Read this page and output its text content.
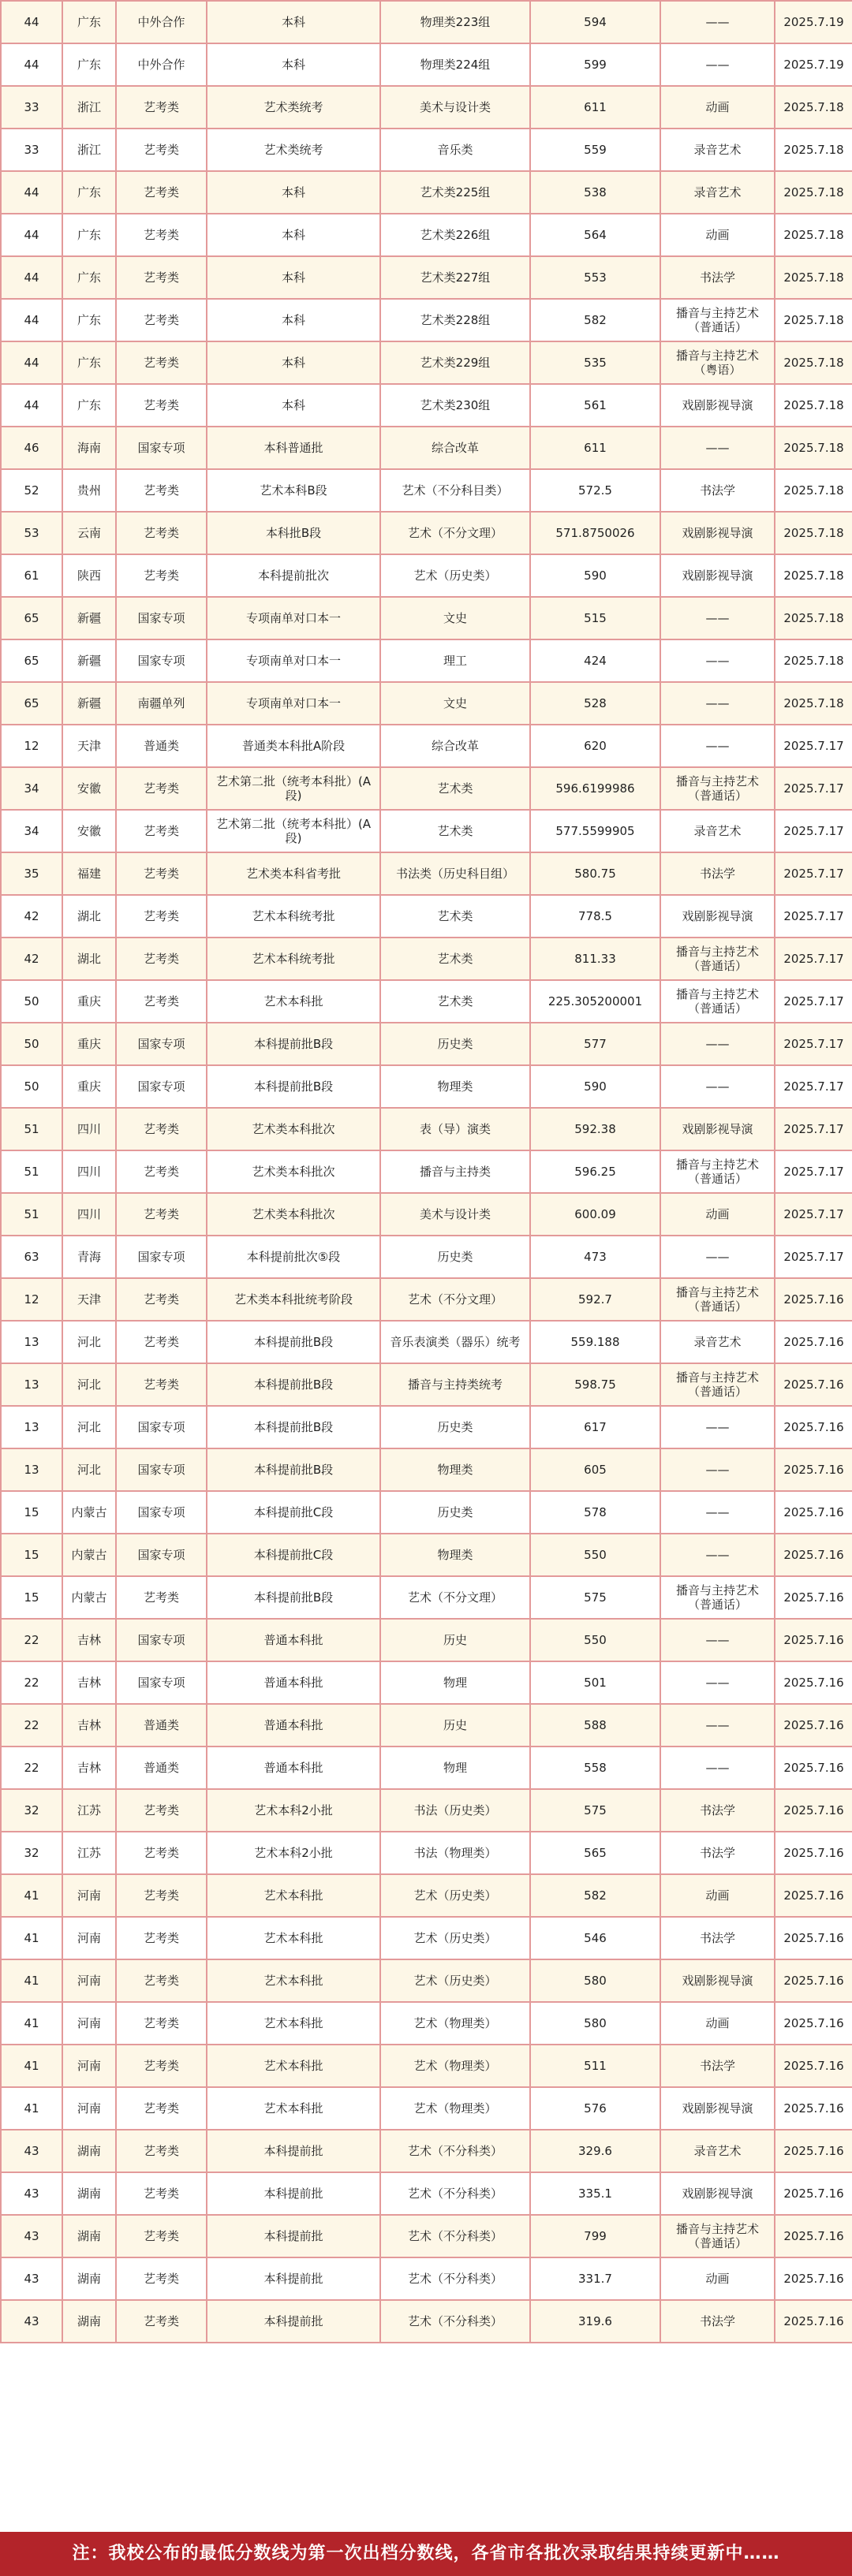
44	广东	中外合作	本科	物理类223组	594	——	2025.7.19
44	广东	中外合作	本科	物理类224组	599	——	2025.7.19
33	浙江	艺考类	艺术类统考	美术与设计类	611	动画	2025.7.18
33	浙江	艺考类	艺术类统考	音乐类	559	录音艺术	2025.7.18
44	广东	艺考类	本科	艺术类225组	538	录音艺术	2025.7.18
44	广东	艺考类	本科	艺术类226组	564	动画	2025.7.18
44	广东	艺考类	本科	艺术类227组	553	书法学	2025.7.18
44	广东	艺考类	本科	艺术类228组	582	播音与主持艺术
（普通话）	2025.7.18
44	广东	艺考类	本科	艺术类229组	535	播音与主持艺术
（粤语）	2025.7.18
44	广东	艺考类	本科	艺术类230组	561	戏剧影视导演	2025.7.18
46	海南	国家专项	本科普通批	综合改革	611	——	2025.7.18
52	贵州	艺考类	艺术本科B段	艺术（不分科目类）	572.5	书法学	2025.7.18
53	云南	艺考类	本科批B段	艺术（不分文理）	571.8750026	戏剧影视导演	2025.7.18
61	陕西	艺考类	本科提前批次	艺术（历史类）	590	戏剧影视导演	2025.7.18
65	新疆	国家专项	专项南单对口本一	文史	515	——	2025.7.18
65	新疆	国家专项	专项南单对口本一	理工	424	——	2025.7.18
65	新疆	南疆单列	专项南单对口本一	文史	528	——	2025.7.18
12	天津	普通类	普通类本科批A阶段	综合改革	620	——	2025.7.17
34	安徽	艺考类	艺术第二批（统考本科批）(A段)	艺术类	596.6199986	播音与主持艺术
（普通话）	2025.7.17
34	安徽	艺考类	艺术第二批（统考本科批）(A段)	艺术类	577.5599905	录音艺术	2025.7.17
35	福建	艺考类	艺术类本科省考批	书法类（历史科目组）	580.75	书法学	2025.7.17
42	湖北	艺考类	艺术本科统考批	艺术类	778.5	戏剧影视导演	2025.7.17
42	湖北	艺考类	艺术本科统考批	艺术类	811.33	播音与主持艺术
（普通话）	2025.7.17
50	重庆	艺考类	艺术本科批	艺术类	225.305200001	播音与主持艺术
（普通话）	2025.7.17
50	重庆	国家专项	本科提前批B段	历史类	577	——	2025.7.17
50	重庆	国家专项	本科提前批B段	物理类	590	——	2025.7.17
51	四川	艺考类	艺术类本科批次	表（导）演类	592.38	戏剧影视导演	2025.7.17
51	四川	艺考类	艺术类本科批次	播音与主持类	596.25	播音与主持艺术
（普通话）	2025.7.17
51	四川	艺考类	艺术类本科批次	美术与设计类	600.09	动画	2025.7.17
63	青海	国家专项	本科提前批次⑤段	历史类	473	——	2025.7.17
12	天津	艺考类	艺术类本科批统考阶段	艺术（不分文理）	592.7	播音与主持艺术
（普通话）	2025.7.16
13	河北	艺考类	本科提前批B段	音乐表演类（器乐）统考	559.188	录音艺术	2025.7.16
13	河北	艺考类	本科提前批B段	播音与主持类统考	598.75	播音与主持艺术
（普通话）	2025.7.16
13	河北	国家专项	本科提前批B段	历史类	617	——	2025.7.16
13	河北	国家专项	本科提前批B段	物理类	605	——	2025.7.16
15	内蒙古	国家专项	本科提前批C段	历史类	578	——	2025.7.16
15	内蒙古	国家专项	本科提前批C段	物理类	550	——	2025.7.16
15	内蒙古	艺考类	本科提前批B段	艺术（不分文理）	575	播音与主持艺术
（普通话）	2025.7.16
22	吉林	国家专项	普通本科批	历史	550	——	2025.7.16
22	吉林	国家专项	普通本科批	物理	501	——	2025.7.16
22	吉林	普通类	普通本科批	历史	588	——	2025.7.16
22	吉林	普通类	普通本科批	物理	558	——	2025.7.16
32	江苏	艺考类	艺术本科2小批	书法（历史类）	575	书法学	2025.7.16
32	江苏	艺考类	艺术本科2小批	书法（物理类）	565	书法学	2025.7.16
41	河南	艺考类	艺术本科批	艺术（历史类）	582	动画	2025.7.16
41	河南	艺考类	艺术本科批	艺术（历史类）	546	书法学	2025.7.16
41	河南	艺考类	艺术本科批	艺术（历史类）	580	戏剧影视导演	2025.7.16
41	河南	艺考类	艺术本科批	艺术（物理类）	580	动画	2025.7.16
41	河南	艺考类	艺术本科批	艺术（物理类）	511	书法学	2025.7.16
41	河南	艺考类	艺术本科批	艺术（物理类）	576	戏剧影视导演	2025.7.16
43	湖南	艺考类	本科提前批	艺术（不分科类）	329.6	录音艺术	2025.7.16
43	湖南	艺考类	本科提前批	艺术（不分科类）	335.1	戏剧影视导演	2025.7.16
43	湖南	艺考类	本科提前批	艺术（不分科类）	799	播音与主持艺术
（普通话）	2025.7.16
43	湖南	艺考类	本科提前批	艺术（不分科类）	331.7	动画	2025.7.16
43	湖南	艺考类	本科提前批	艺术（不分科类）	319.6	书法学	2025.7.16
注：我校公布的最低分数线为第一次出档分数线，各省市各批次录取结果持续更新中……
